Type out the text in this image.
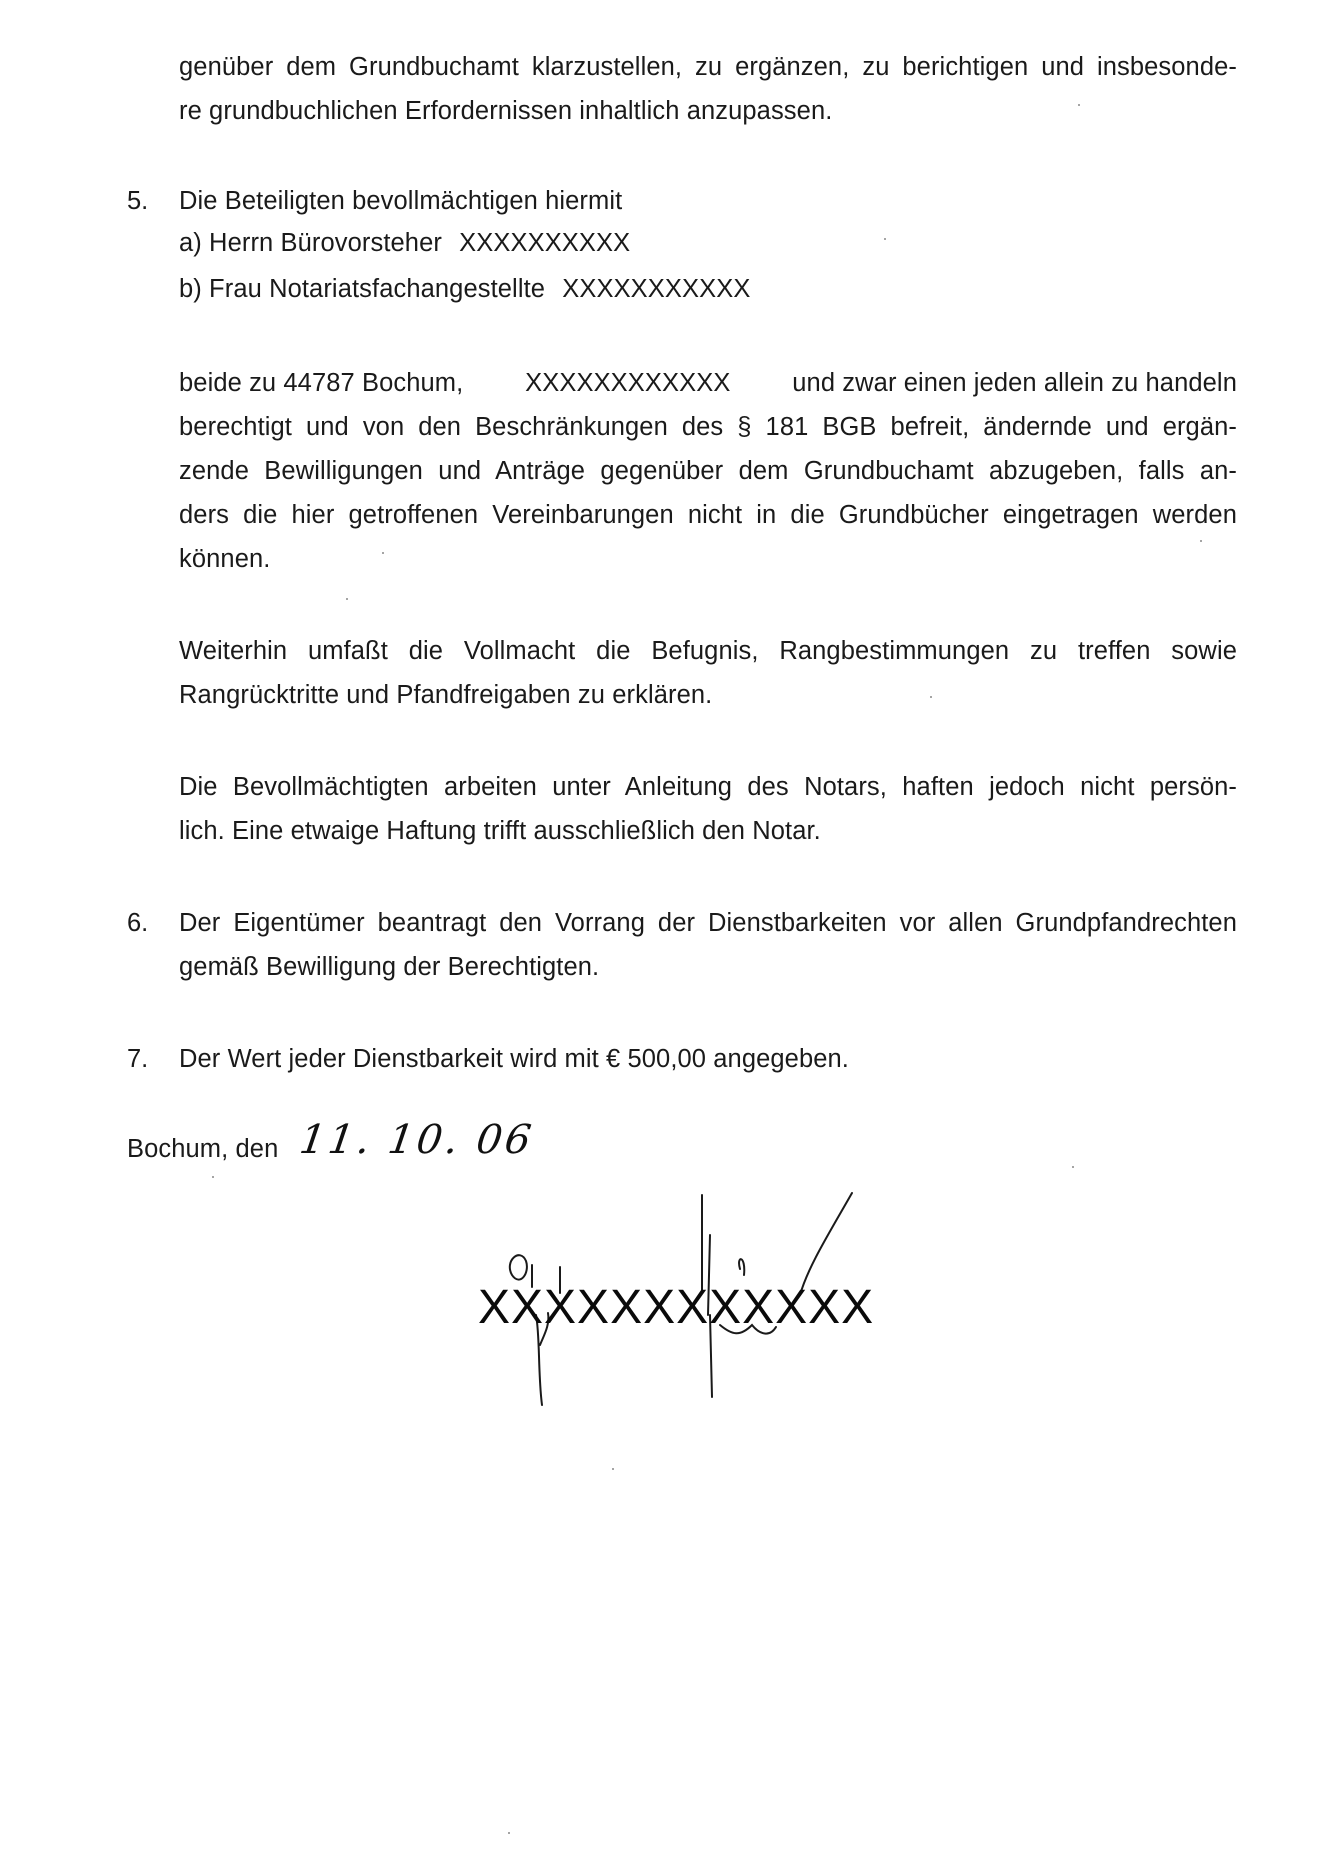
genüber dem Grundbuchamt klarzustellen, zu ergänzen, zu berichtigen und insbesonde-
re grundbuchlichen Erfordernissen inhaltlich anzupassen.
5. Die Beteiligten bevollmächtigen hiermit
a) Herrn Bürovorsteher XXXXXXXXXX
b) Frau Notariatsfachangestellte XXXXXXXXXXX
beide zu 44787 Bochum, XXXXXXXXXXXX und zwar einen jeden allein zu handeln
berechtigt und von den Beschränkungen des § 181 BGB befreit, ändernde und ergän-
zende Bewilligungen und Anträge gegenüber dem Grundbuchamt abzugeben, falls an-
ders die hier getroffenen Vereinbarungen nicht in die Grundbücher eingetragen werden
können.
Weiterhin umfaßt die Vollmacht die Befugnis, Rangbestimmungen zu treffen sowie
Rangrücktritte und Pfandfreigaben zu erklären.
Die Bevollmächtigten arbeiten unter Anleitung des Notars, haften jedoch nicht persön-
lich. Eine etwaige Haftung trifft ausschließlich den Notar.
6. Der Eigentümer beantragt den Vorrang der Dienstbarkeiten vor allen Grundpfandrechten
gemäß Bewilligung der Berechtigten.
7. Der Wert jeder Dienstbarkeit wird mit € 500,00 angegeben.
Bochum, den 11. 10. 06
XXXXXXXXXXXX
